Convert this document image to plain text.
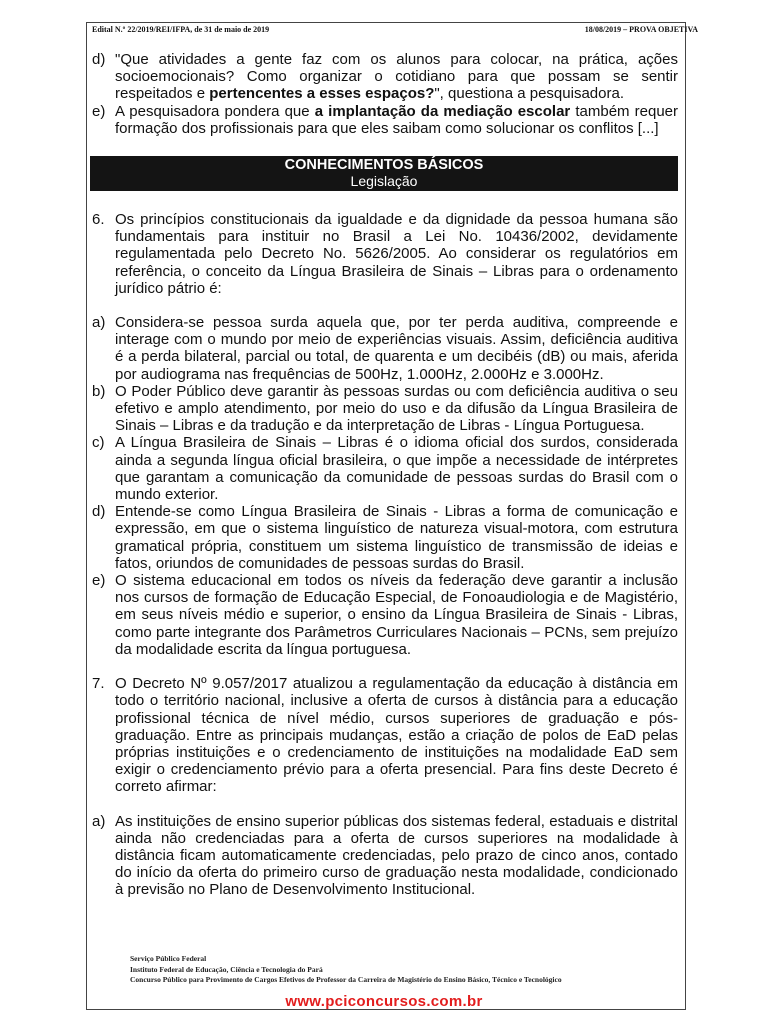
Edital N.º 22/2019/REI/IFPA, de 31 de maio de 2019	18/08/2019 – PROVA OBJETIVA

d) "Que atividades a gente faz com os alunos para colocar, na prática, ações socioemocionais? Como organizar o cotidiano para que possam se sentir respeitados e pertencentes a esses espaços?", questiona a pesquisadora.

e) A pesquisadora pondera que a implantação da mediação escolar também requer formação dos profissionais para que eles saibam como solucionar os conflitos [...]

CONHECIMENTOS BÁSICOS
Legislação

6. Os princípios constitucionais da igualdade e da dignidade da pessoa humana são fundamentais para instituir no Brasil a Lei No. 10436/2002, devidamente regulamentada pelo Decreto No. 5626/2005. Ao considerar os regulatórios em referência, o conceito da Língua Brasileira de Sinais – Libras para o ordenamento jurídico pátrio é:

a) Considera-se pessoa surda aquela que, por ter perda auditiva, compreende e interage com o mundo por meio de experiências visuais. Assim, deficiência auditiva é a perda bilateral, parcial ou total, de quarenta e um decibéis (dB) ou mais, aferida por audiograma nas frequências de 500Hz, 1.000Hz, 2.000Hz e 3.000Hz.

b) O Poder Público deve garantir às pessoas surdas ou com deficiência auditiva o seu efetivo e amplo atendimento, por meio do uso e da difusão da Língua Brasileira de Sinais – Libras e da tradução e da interpretação de Libras - Língua Portuguesa.

c) A Língua Brasileira de Sinais – Libras é o idioma oficial dos surdos, considerada ainda a segunda língua oficial brasileira, o que impõe a necessidade de intérpretes que garantam a comunicação da comunidade de pessoas surdas do Brasil com o mundo exterior.

d) Entende-se como Língua Brasileira de Sinais - Libras a forma de comunicação e expressão, em que o sistema linguístico de natureza visual-motora, com estrutura gramatical própria, constituem um sistema linguístico de transmissão de ideias e fatos, oriundos de comunidades de pessoas surdas do Brasil.

e) O sistema educacional em todos os níveis da federação deve garantir a inclusão nos cursos de formação de Educação Especial, de Fonoaudiologia e de Magistério, em seus níveis médio e superior, o ensino da Língua Brasileira de Sinais - Libras, como parte integrante dos Parâmetros Curriculares Nacionais – PCNs, sem prejuízo da modalidade escrita da língua portuguesa.

7. O Decreto Nº 9.057/2017 atualizou a regulamentação da educação à distância em todo o território nacional, inclusive a oferta de cursos à distância para a educação profissional técnica de nível médio, cursos superiores de graduação e pós-graduação. Entre as principais mudanças, estão a criação de polos de EaD pelas próprias instituições e o credenciamento de instituições na modalidade EaD sem exigir o credenciamento prévio para a oferta presencial. Para fins deste Decreto é correto afirmar:

a) As instituições de ensino superior públicas dos sistemas federal, estaduais e distrital ainda não credenciadas para a oferta de cursos superiores na modalidade à distância ficam automaticamente credenciadas, pelo prazo de cinco anos, contado do início da oferta do primeiro curso de graduação nesta modalidade, condicionado à previsão no Plano de Desenvolvimento Institucional.

Serviço Público Federal
Instituto Federal de Educação, Ciência e Tecnologia do Pará
Concurso Público para Provimento de Cargos Efetivos de Professor da Carreira de Magistério do Ensino Básico, Técnico e Tecnológico
www.pciconcursos.com.br
